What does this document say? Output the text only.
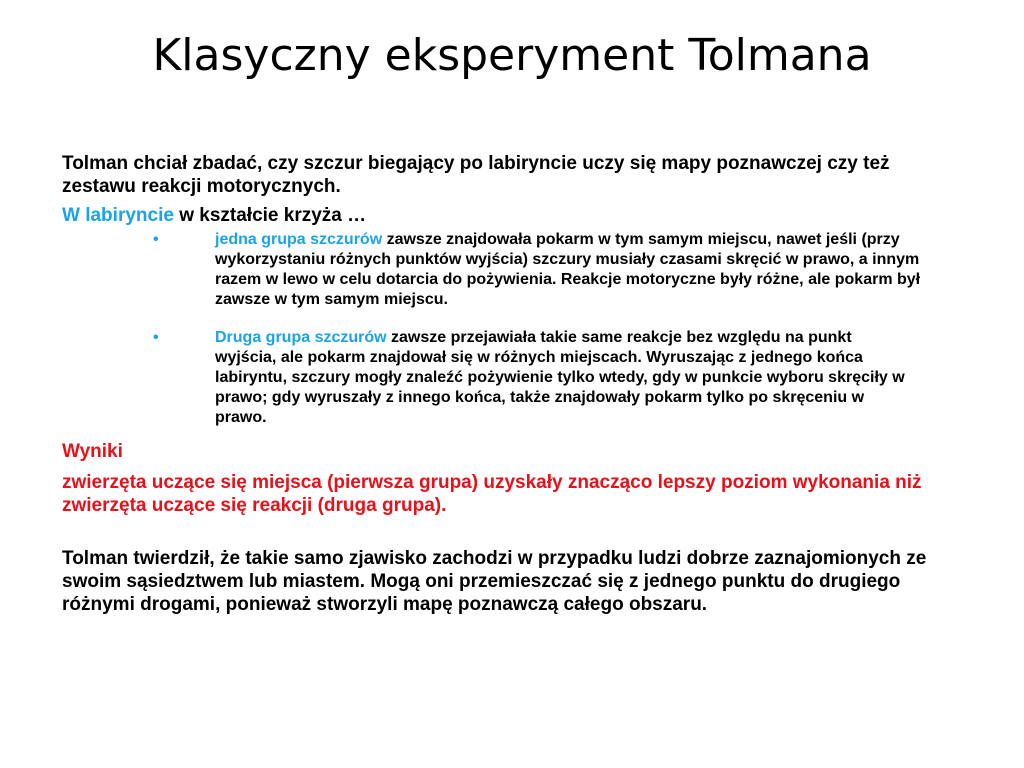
Klasyczny eksperyment Tolmana

Tolman chciał zbadać, czy szczur biegający po labiryncie uczy się mapy poznawczej czy też zestawu reakcji motorycznych.

W labiryncie w kształcie krzyża …

•	jedna grupa szczurów zawsze znajdowała pokarm w tym samym miejscu, nawet jeśli (przy wykorzystaniu różnych punktów wyjścia) szczury musiały czasami skręcić w prawo, a innym razem w lewo w celu dotarcia do pożywienia. Reakcje motoryczne były różne, ale pokarm był zawsze w tym samym miejscu.
•	Druga grupa szczurów zawsze przejawiała takie same reakcje bez względu na punkt wyjścia, ale pokarm znajdował się w różnych miejscach. Wyruszając z jednego końca labiryntu, szczury mogły znaleźć pożywienie tylko wtedy, gdy w punkcie wyboru skręciły w prawo; gdy wyruszały z innego końca, także znajdowały pokarm tylko po skręceniu w prawo.

Wyniki

zwierzęta uczące się miejsca (pierwsza grupa) uzyskały znacząco lepszy poziom wykonania niż zwierzęta uczące się reakcji (druga grupa).

Tolman twierdził, że takie samo zjawisko zachodzi w przypadku ludzi dobrze zaznajomionych ze swoim sąsiedztwem lub miastem. Mogą oni przemieszczać się z jednego punktu do drugiego różnymi drogami, ponieważ stworzyli mapę poznawczą całego obszaru.
